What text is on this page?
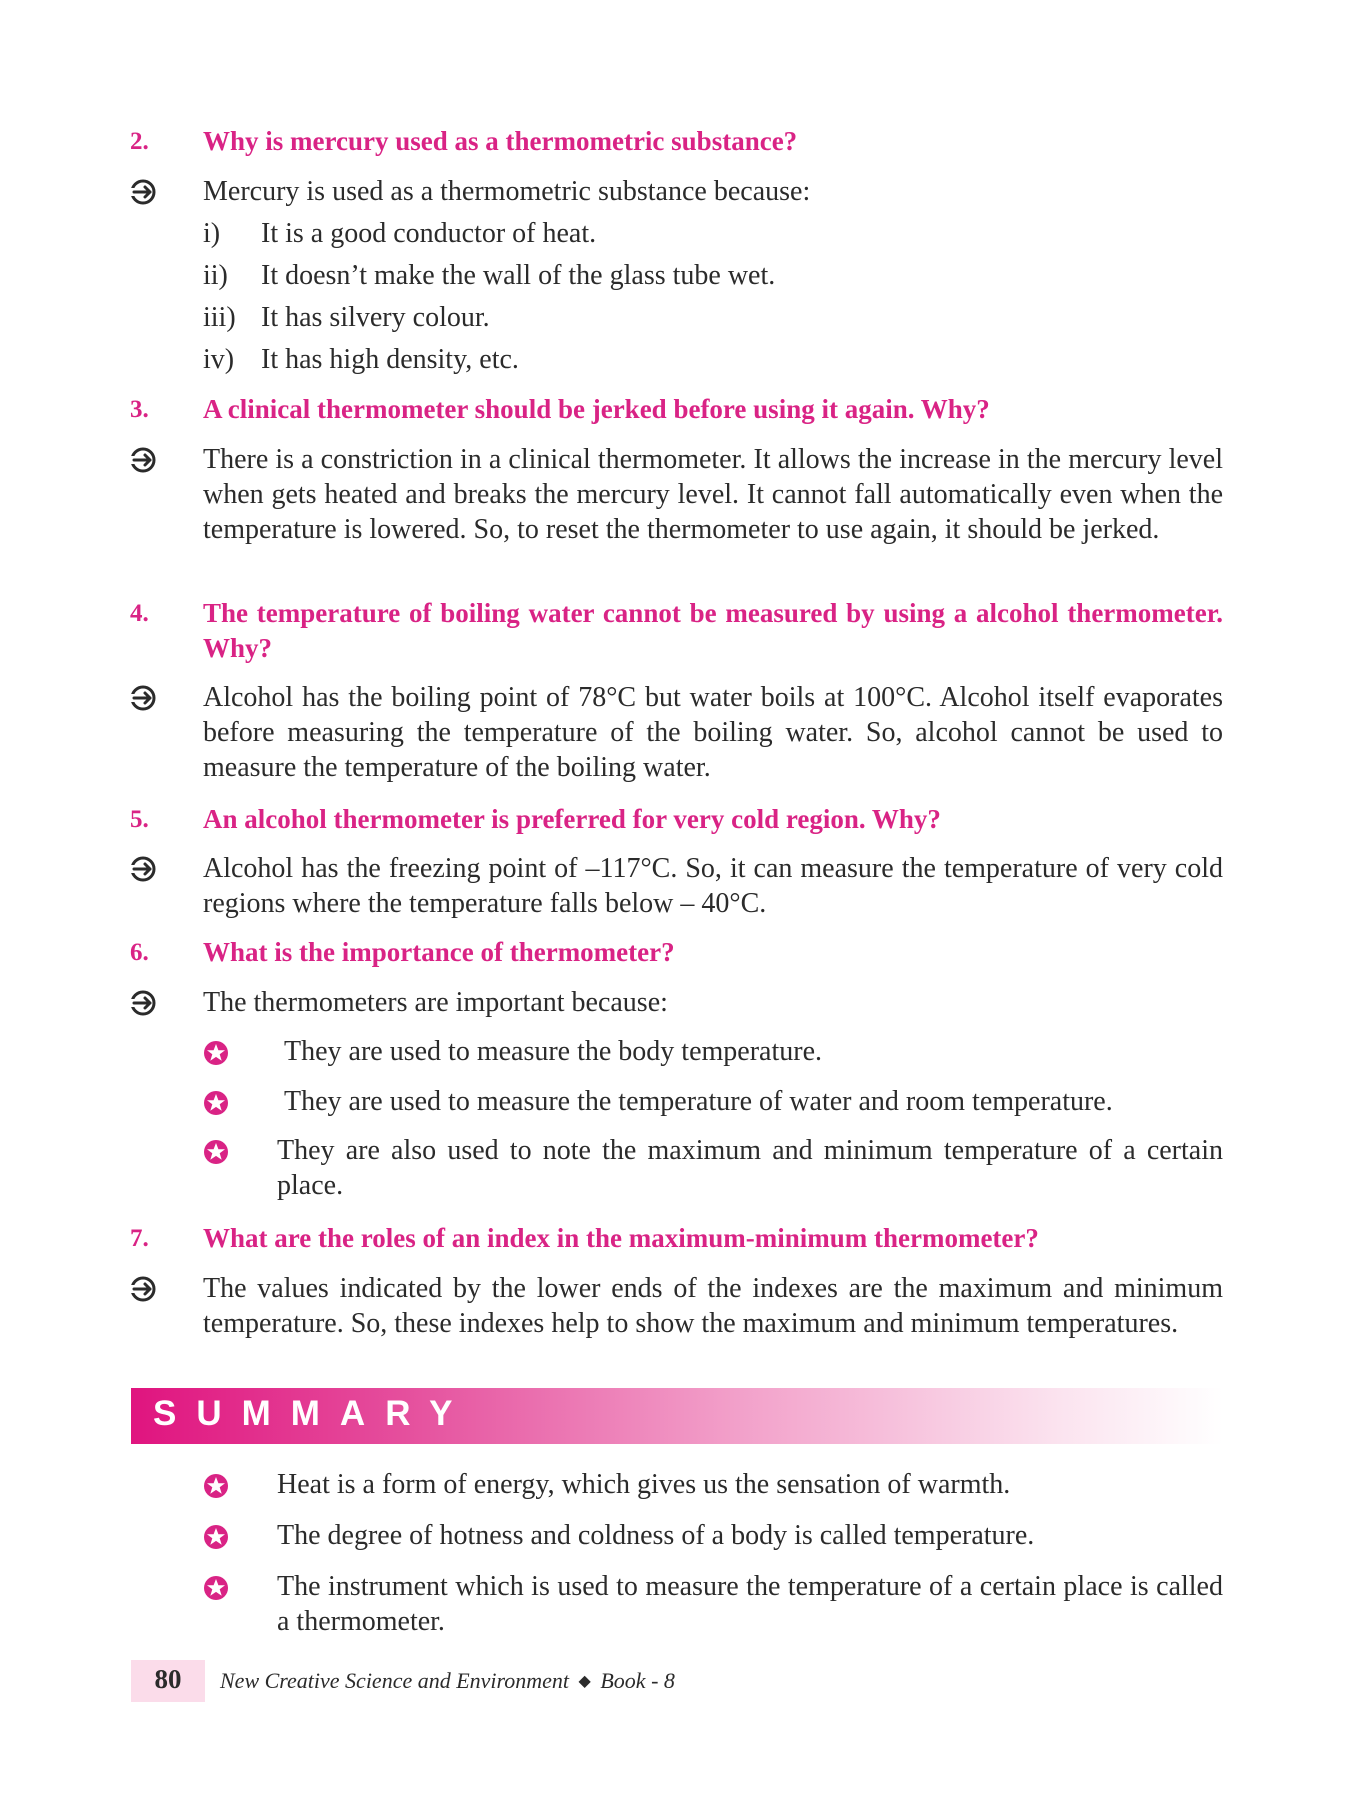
2. Why is mercury used as a thermometric substance?
Mercury is used as a thermometric substance because:
i) It is a good conductor of heat.
ii) It doesn’t make the wall of the glass tube wet.
iii) It has silvery colour.
iv) It has high density, etc.
3. A clinical thermometer should be jerked before using it again. Why?
There is a constriction in a clinical thermometer. It allows the increase in the mercury level when gets heated and breaks the mercury level. It cannot fall automatically even when the temperature is lowered. So, to reset the thermometer to use again, it should be jerked.
4. The temperature of boiling water cannot be measured by using a alcohol thermometer. Why?
Alcohol has the boiling point of 78°C but water boils at 100°C. Alcohol itself evaporates before measuring the temperature of the boiling water. So, alcohol cannot be used to measure the temperature of the boiling water.
5. An alcohol thermometer is preferred for very cold region. Why?
Alcohol has the freezing point of –117°C. So, it can measure the temperature of very cold regions where the temperature falls below – 40°C.
6. What is the importance of thermometer?
The thermometers are important because:
They are used to measure the body temperature.
They are used to measure the temperature of water and room temperature.
They are also used to note the maximum and minimum temperature of a certain place.
7. What are the roles of an index in the maximum-minimum thermometer?
The values indicated by the lower ends of the indexes are the maximum and minimum temperature. So, these indexes help to show the maximum and minimum temperatures.
SUMMARY
Heat is a form of energy, which gives us the sensation of warmth.
The degree of hotness and coldness of a body is called temperature.
The instrument which is used to measure the temperature of a certain place is called a thermometer.
80	New Creative Science and Environment ◆ Book - 8
